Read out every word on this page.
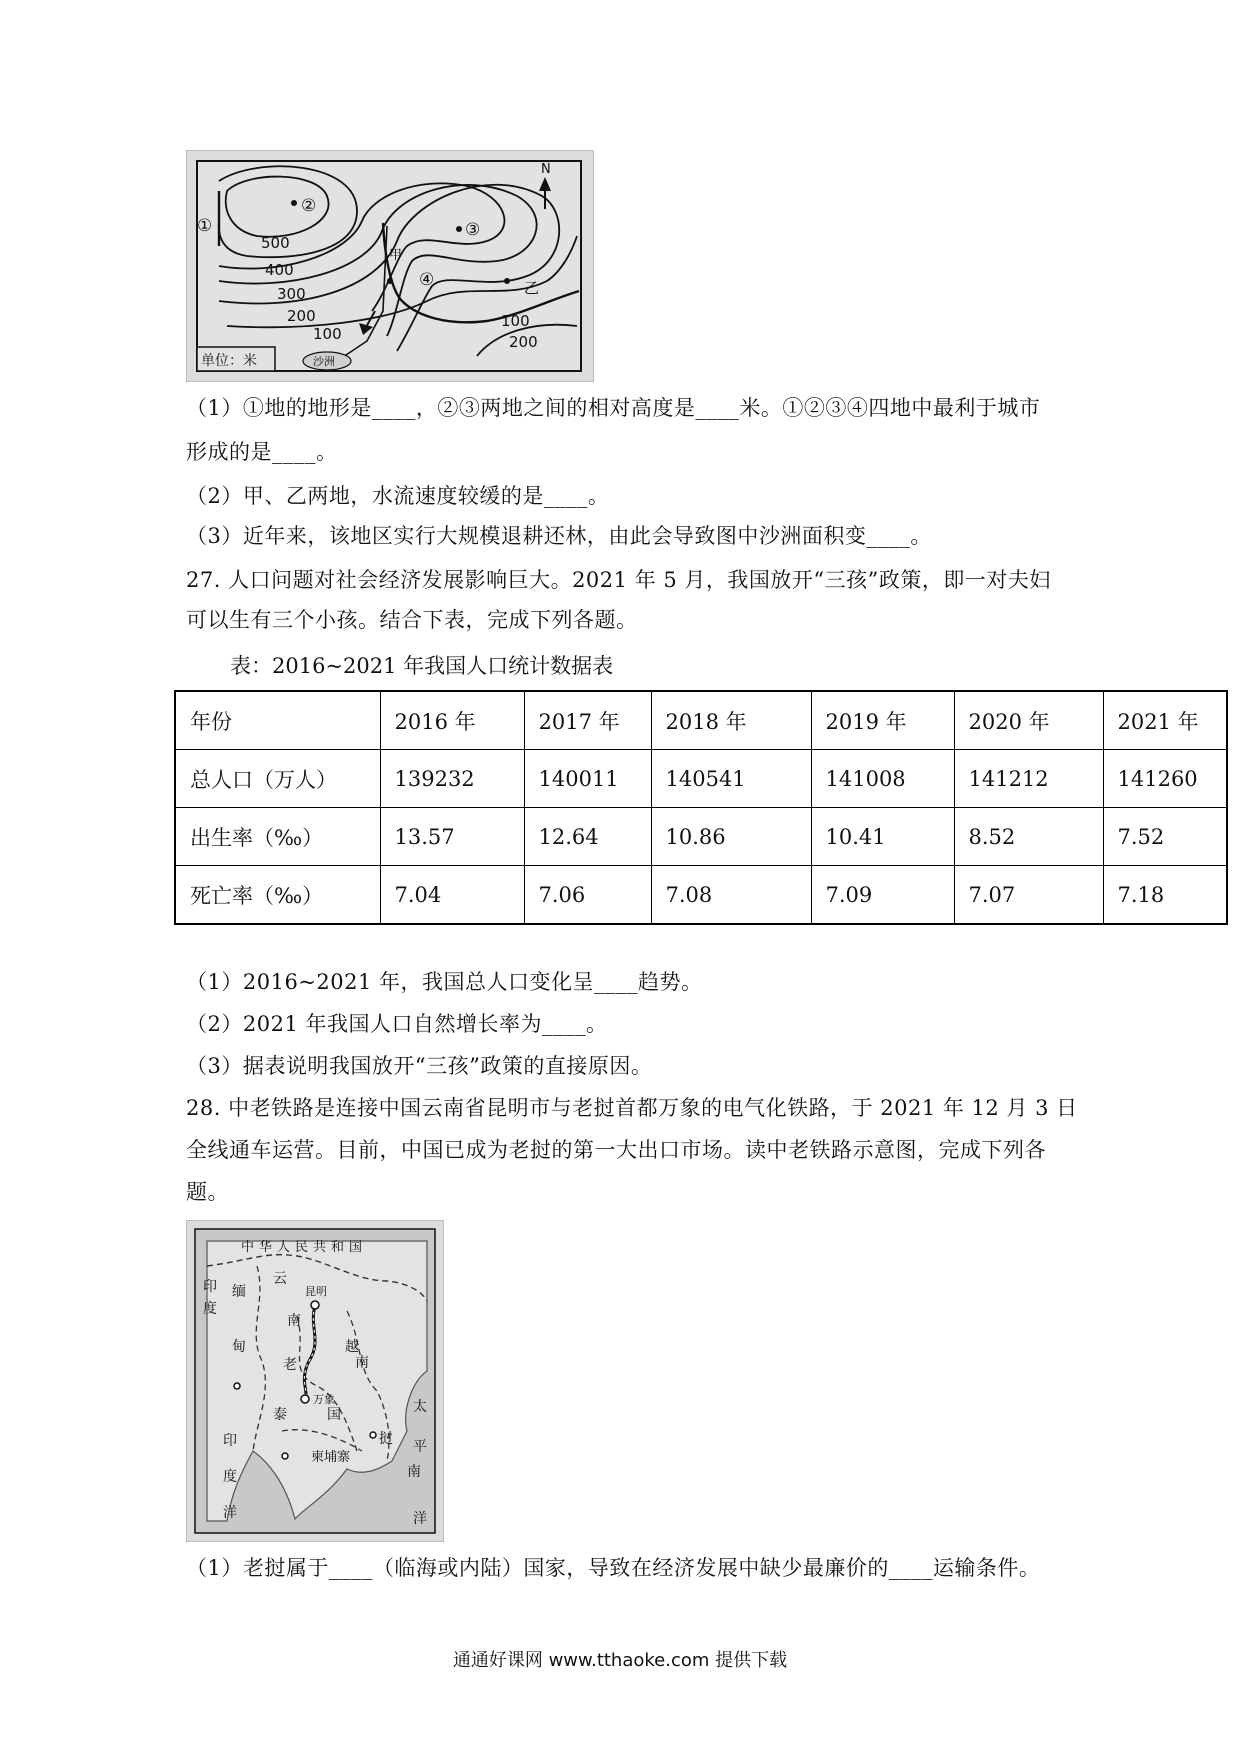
N
①
②
③
④
甲
乙
500
400
300
200
100
100
200
沙洲
单位：米
（1）①地的地形是____，②③两地之间的相对高度是____米。①②③④四地中最利于城市
形成的是____。
（2）甲、乙两地，水流速度较缓的是____。
（3）近年来，该地区实行大规模退耕还林，由此会导致图中沙洲面积变____。
27. 人口问题对社会经济发展影响巨大。2021 年 5 月，我国放开“三孩”政策，即一对夫妇
可以生有三个小孩。结合下表，完成下列各题。
表：2016~2021 年我国人口统计数据表
年份	2016 年	2017 年	2018 年	2019 年	2020 年	2021 年
总人口（万人）	139232	140011	140541	141008	141212	141260
出生率（‰）	13.57	12.64	10.86	10.41	8.52	7.52
死亡率（‰）	7.04	7.06	7.08	7.09	7.07	7.18
（1）2016~2021 年，我国总人口变化呈____趋势。
（2）2021 年我国人口自然增长率为____。
（3）据表说明我国放开“三孩”政策的直接原因。
28. 中老铁路是连接中国云南省昆明市与老挝首都万象的电气化铁路，于 2021 年 12 月 3 日
全线通车运营。目前，中国已成为老挝的第一大出口市场。读中老铁路示意图，完成下列各
题。
中华人民共和国
印
度
缅
甸
云
南
昆明
越
南
老
挝
万象
泰	国
柬埔寨
南
太
平
洋
印
度
洋
（1）老挝属于____（临海或内陆）国家，导致在经济发展中缺少最廉价的____运输条件。
通通好课网 www.tthaoke.com 提供下载
